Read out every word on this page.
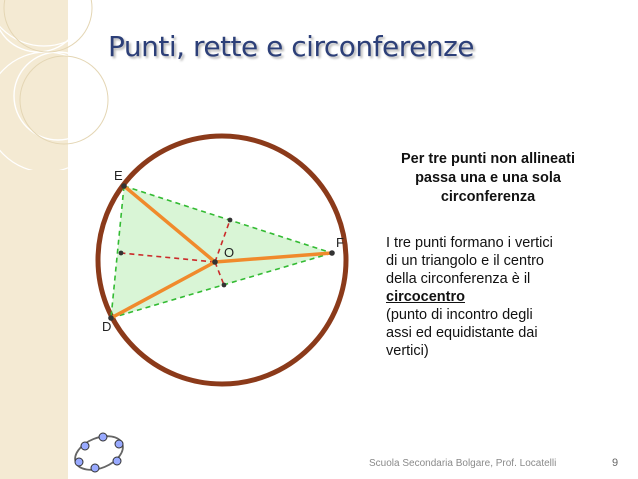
Punti, rette e circonferenze
E
D
F
O
Per tre punti non allineati
passa una e una sola
circonferenza
I tre punti formano i vertici
di un triangolo e il centro
della circonferenza è il
circocentro
(punto di incontro degli
assi ed equidistante dai
vertici)
Scuola Secondaria Bolgare, Prof. Locatelli	9
